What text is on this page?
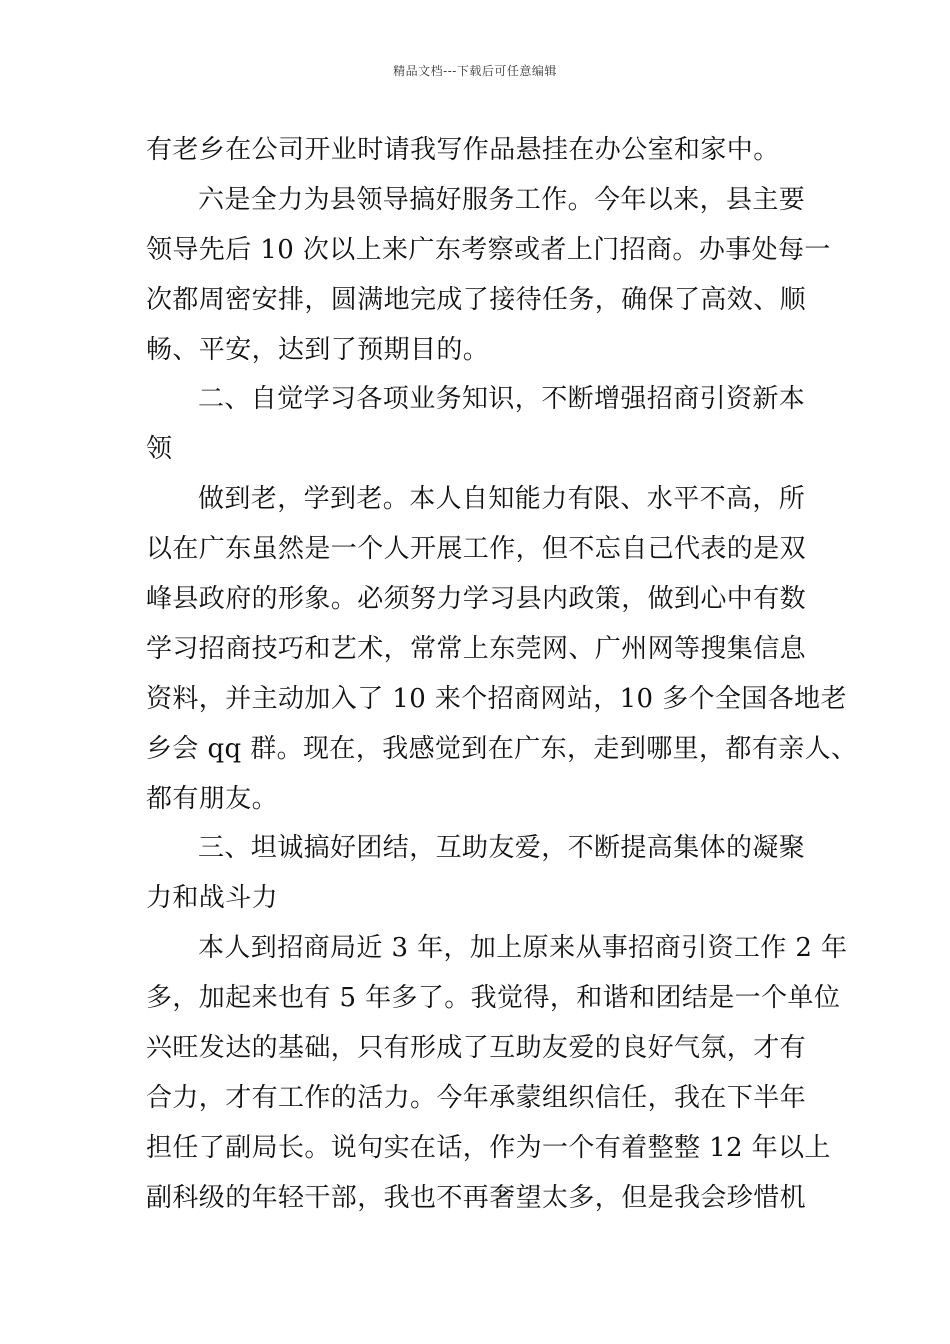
精品文档---下载后可任意编辑
有老乡在公司开业时请我写作品悬挂在办公室和家中。
六是全力为县领导搞好服务工作。今年以来，县主要
领导先后 10 次以上来广东考察或者上门招商。办事处每一
次都周密安排，圆满地完成了接待任务，确保了高效、顺
畅、平安，达到了预期目的。
二、自觉学习各项业务知识，不断增强招商引资新本
领
做到老，学到老。本人自知能力有限、水平不高，所
以在广东虽然是一个人开展工作，但不忘自己代表的是双
峰县政府的形象。必须努力学习县内政策，做到心中有数
学习招商技巧和艺术，常常上东莞网、广州网等搜集信息
资料，并主动加入了 10 来个招商网站，10 多个全国各地老
乡会 qq 群。现在，我感觉到在广东，走到哪里，都有亲人、
都有朋友。
三、坦诚搞好团结，互助友爱，不断提高集体的凝聚
力和战斗力
本人到招商局近 3 年，加上原来从事招商引资工作 2 年
多，加起来也有 5 年多了。我觉得，和谐和团结是一个单位
兴旺发达的基础，只有形成了互助友爱的良好气氛，才有
合力，才有工作的活力。今年承蒙组织信任，我在下半年
担任了副局长。说句实在话，作为一个有着整整 12 年以上
副科级的年轻干部，我也不再奢望太多，但是我会珍惜机
